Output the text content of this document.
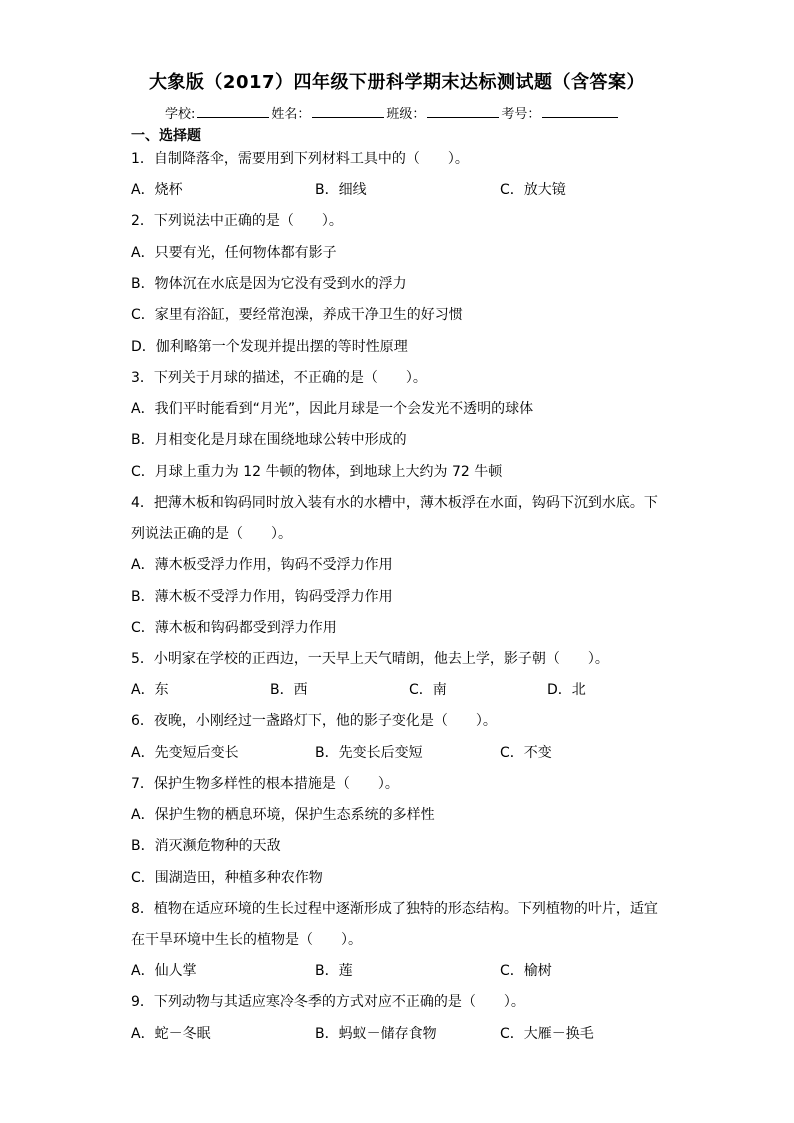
大象版（2017）四年级下册科学期末达标测试题（含答案）
学校:	姓名：	班级：	考号：
一、选择题
1．自制降落伞，需要用到下列材料工具中的（　　）。
A．烧杯	B．细线	C．放大镜
2．下列说法中正确的是（　　）。
A．只要有光，任何物体都有影子
B．物体沉在水底是因为它没有受到水的浮力
C．家里有浴缸，要经常泡澡，养成干净卫生的好习惯
D．伽利略第一个发现并提出摆的等时性原理
3．下列关于月球的描述，不正确的是（　　）。
A．我们平时能看到“月光”，因此月球是一个会发光不透明的球体
B．月相变化是月球在围绕地球公转中形成的
C．月球上重力为 12 牛顿的物体，到地球上大约为 72 牛顿
4．把薄木板和钩码同时放入装有水的水槽中，薄木板浮在水面，钩码下沉到水底。下
列说法正确的是（　　）。
A．薄木板受浮力作用，钩码不受浮力作用
B．薄木板不受浮力作用，钩码受浮力作用
C．薄木板和钩码都受到浮力作用
5．小明家在学校的正西边，一天早上天气晴朗，他去上学，影子朝（　　）。
A．东	B．西	C．南	D．北
6．夜晚，小刚经过一盏路灯下，他的影子变化是（　　）。
A．先变短后变长	B．先变长后变短	C．不变
7．保护生物多样性的根本措施是（　　）。
A．保护生物的栖息环境，保护生态系统的多样性
B．消灭濒危物种的天敌
C．围湖造田，种植多种农作物
8．植物在适应环境的生长过程中逐渐形成了独特的形态结构。下列植物的叶片，适宜
在干旱环境中生长的植物是（　　）。
A．仙人掌	B．莲	C．榆树
9．下列动物与其适应寒冷冬季的方式对应不正确的是（　　）。
A．蛇－冬眠	B．蚂蚁－储存食物	C．大雁－换毛
